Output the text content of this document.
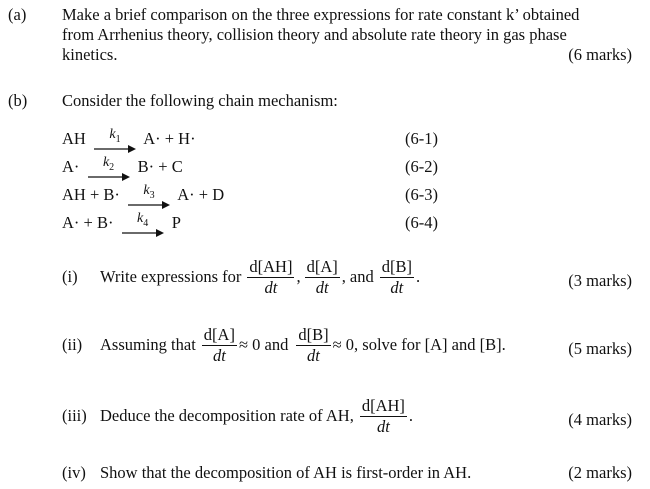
(a) Make a brief comparison on the three expressions for rate constant k’ obtained
from Arrhenius theory, collision theory and absolute rate theory in gas phase
kinetics.	(6 marks)
(b) Consider the following chain mechanism:
AH $k_1$ A· + H·	(6-1)
$A\cdot k_2$ B· + C	(6-2)
AH + $B\cdot k_3$ A· + D	(6-3)
$A\cdot + B\cdot k_4$ P	(6-4)
(i)	Write expressions for $\frac{d[AH]}{dt}$ , $\frac{d[A]}{dt}$ , and $\frac{d[B]}{dt}$ .	(3 marks)
(ii)	Assuming that $\frac{d[A]}{dt} \approx 0$ and $\frac{d[B]}{dt} \approx 0$, solve for [A] and [B].	(5 marks)
(iii) Deduce the decomposition rate of AH, $\frac{d[AH]}{dt}$ .	(4 marks)
(iv) Show that the decomposition of AH is first-order in AH.	(2 marks)
